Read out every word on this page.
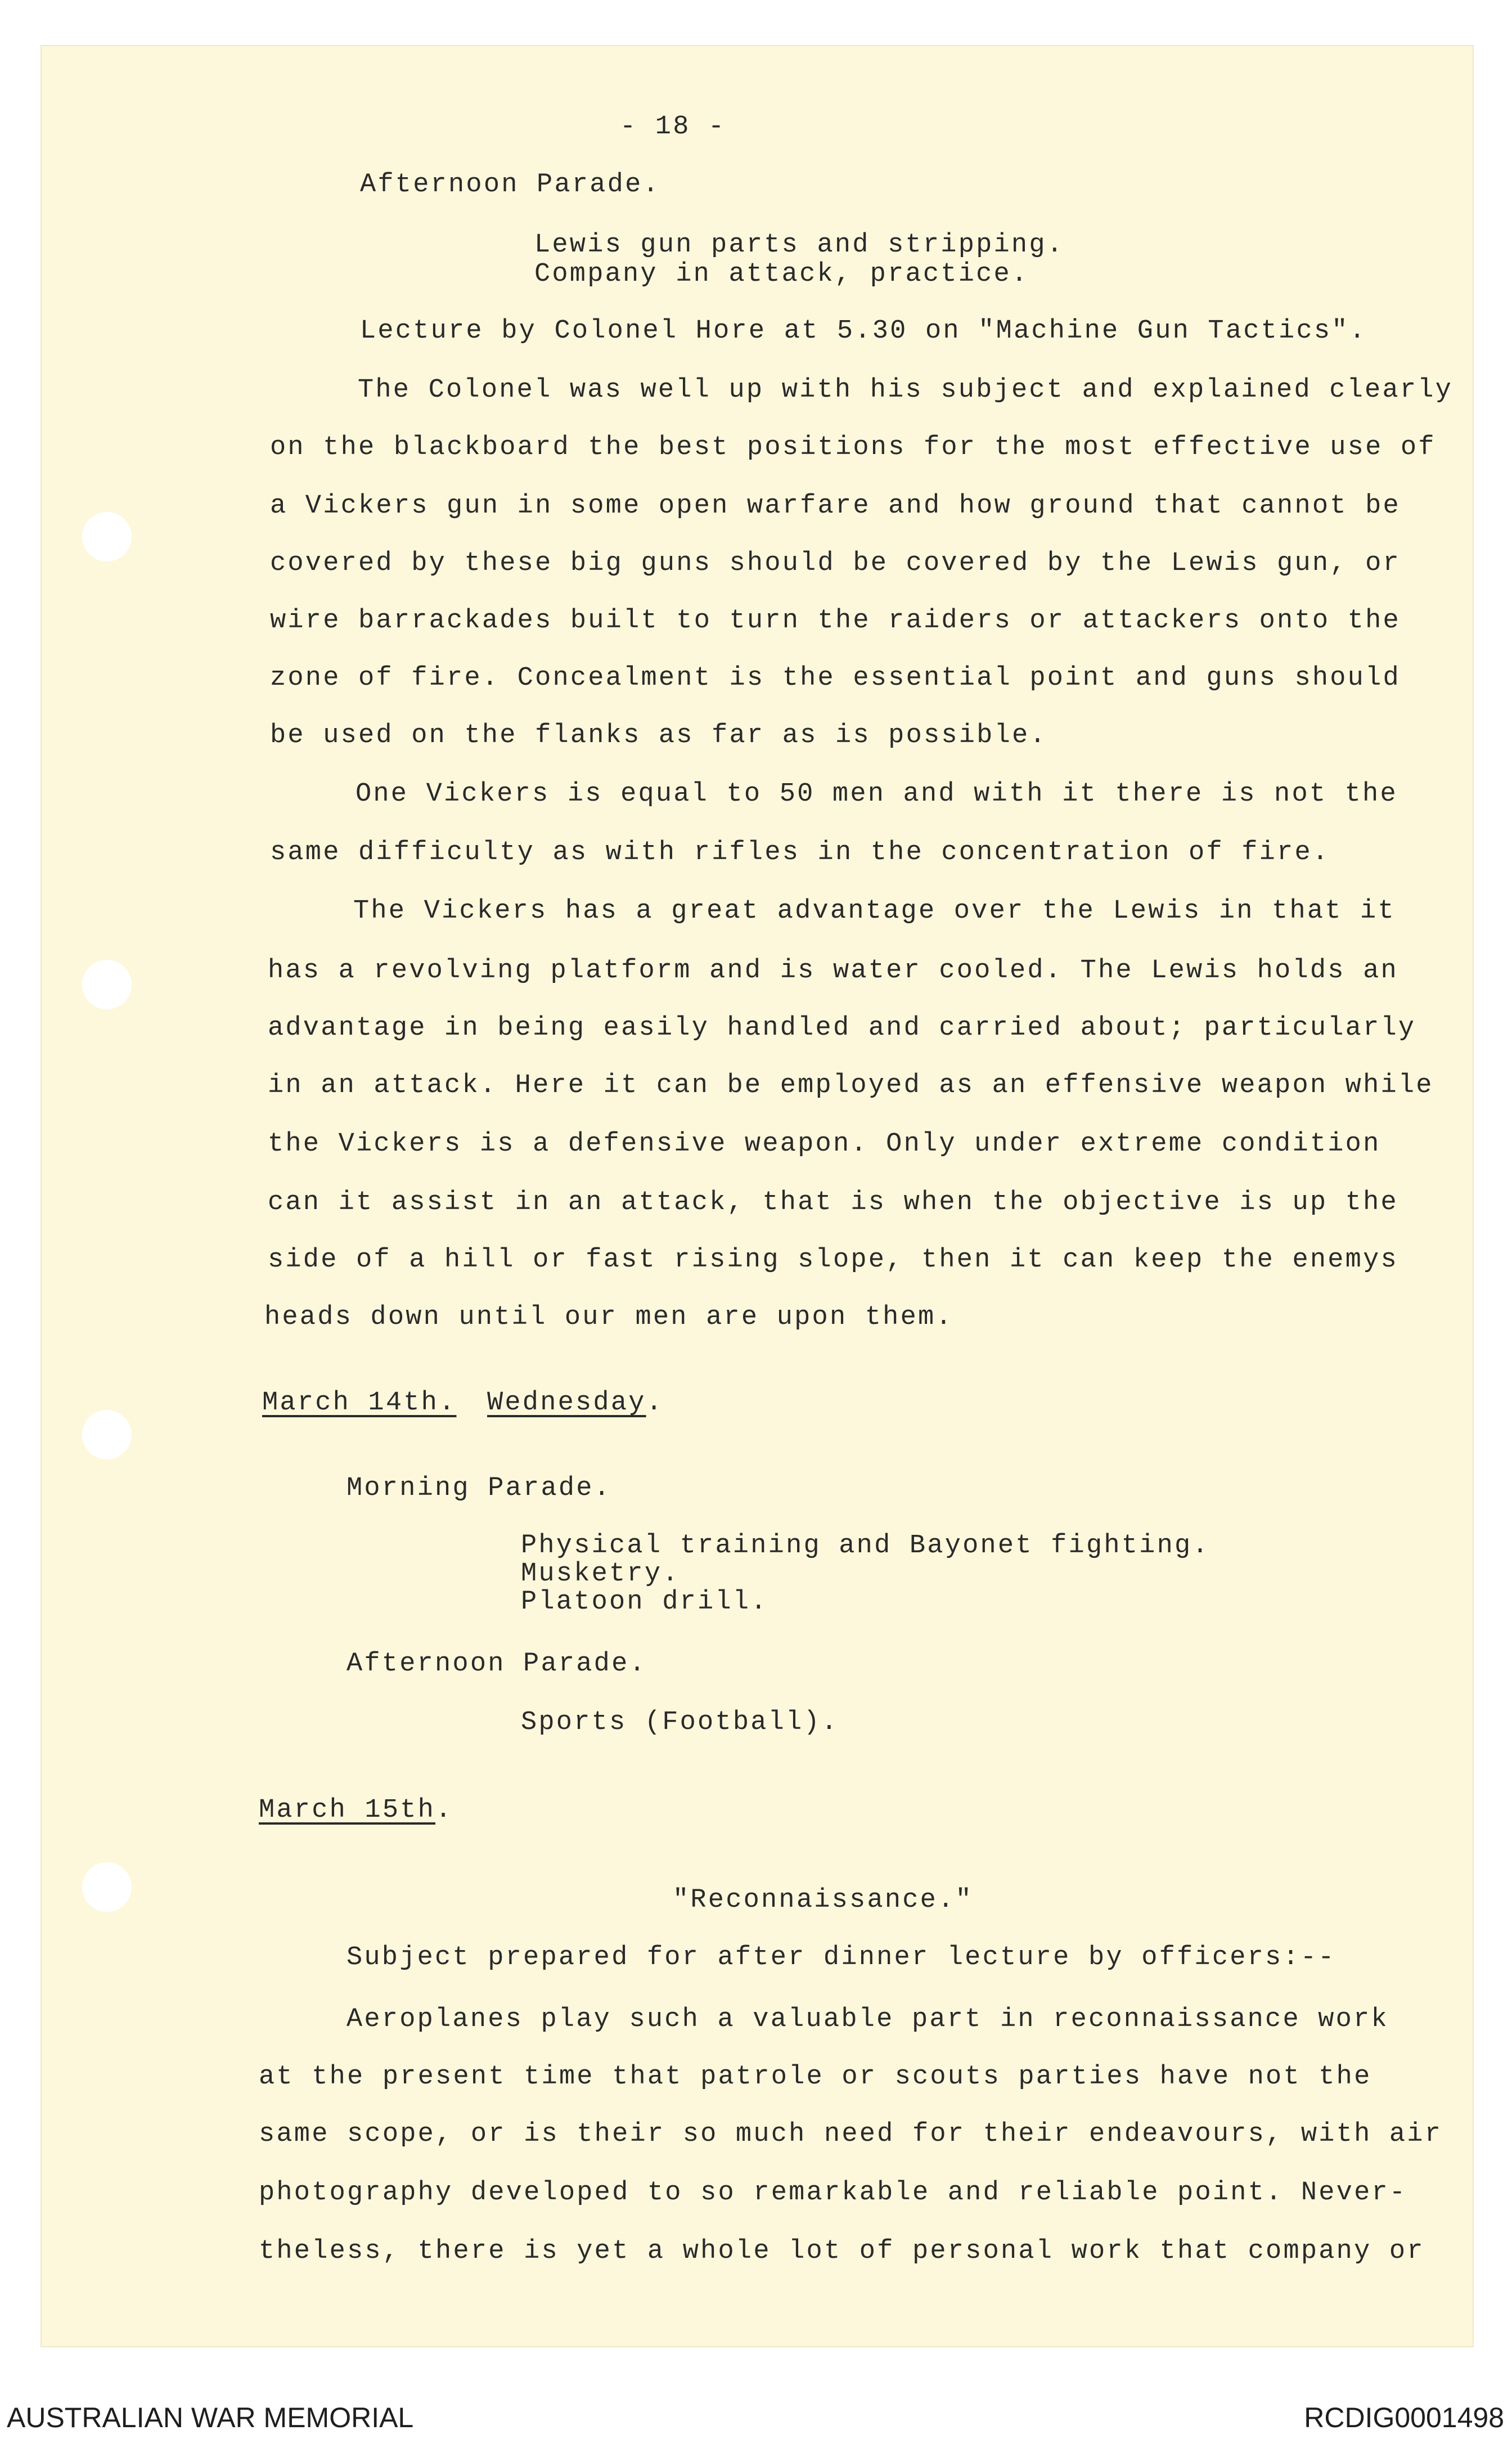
- 18 -

Afternoon Parade.

Lewis gun parts and stripping.

Company in attack, practice.

Lecture by Colonel Hore at 5.30 on "Machine Gun Tactics".

The Colonel was well up with his subject and explained clearly

on the blackboard the best positions for the most effective use of

a Vickers gun in some open warfare and how ground that cannot be

covered by these big guns should be covered by the Lewis gun, or

wire barrackades built to turn the raiders or attackers onto the

zone of fire. Concealment is the essential point and guns should

be used on the flanks as far as is possible.

One Vickers is equal to 50 men and with it there is not the

same difficulty as with rifles in the concentration of fire.

The Vickers has a great advantage over the Lewis in that it

has a revolving platform and is water cooled. The Lewis holds an

advantage in being easily handled and carried about; particularly

in an attack. Here it can be employed as an effensive weapon while

the Vickers is a defensive weapon. Only under extreme condition

can it assist in an attack, that is when the objective is up the

side of a hill or fast rising slope, then it can keep the enemys

heads down until our men are upon them.

March 14th. Wednesday.

Morning Parade.

Physical training and Bayonet fighting.

Musketry.

Platoon drill.

Afternoon Parade.

Sports (Football).

March 15th.

"Reconnaissance."

Subject prepared for after dinner lecture by officers:--

Aeroplanes play such a valuable part in reconnaissance work

at the present time that patrole or scouts parties have not the

same scope, or is their so much need for their endeavours, with air

photography developed to so remarkable and reliable point. Never-

theless, there is yet a whole lot of personal work that company or

AUSTRALIAN WAR MEMORIAL	RCDIG0001498
